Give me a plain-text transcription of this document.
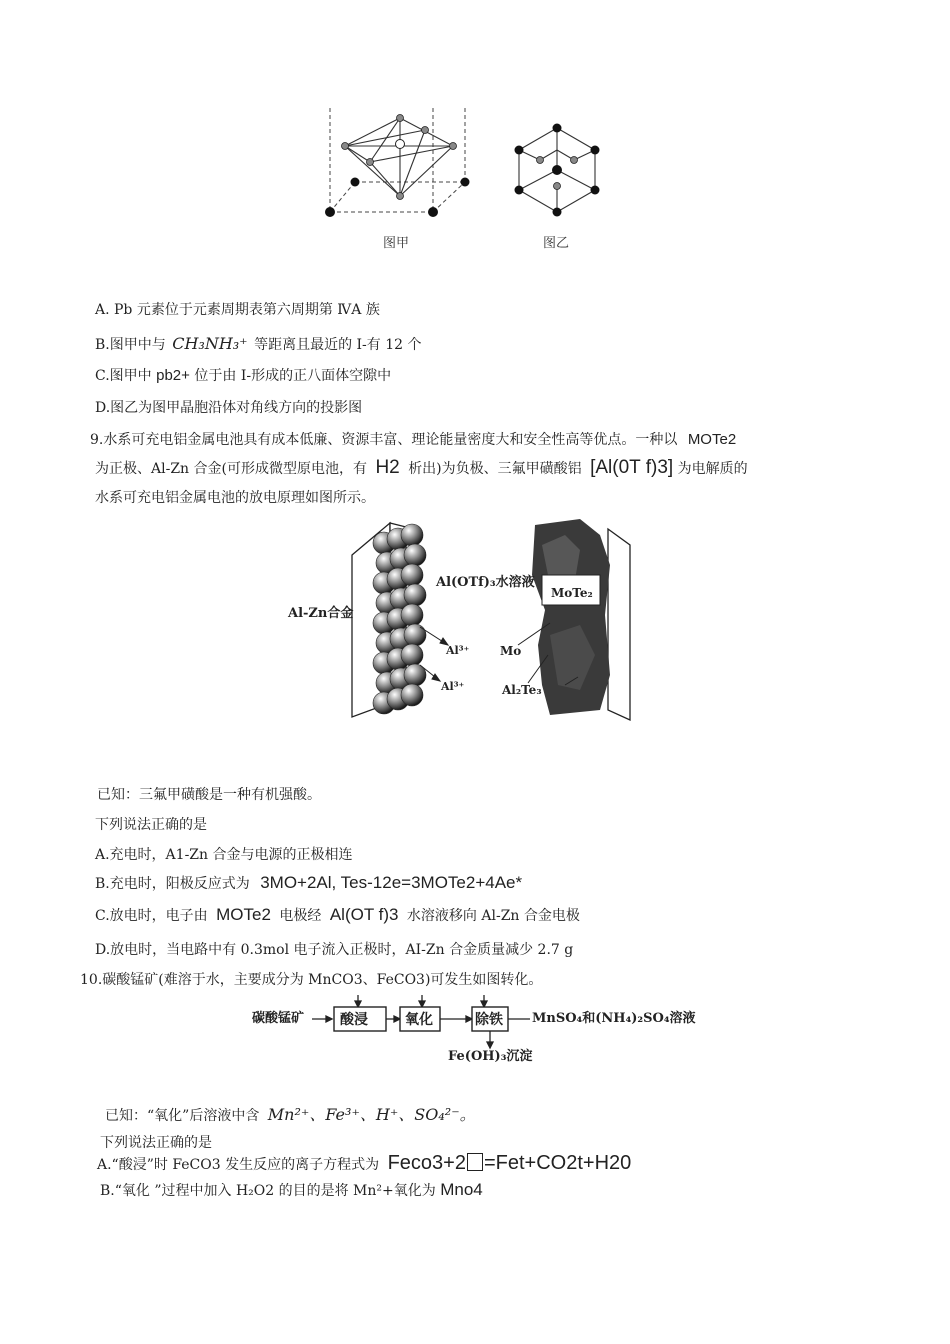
图甲	图乙
A. Pb 元素位于元素周期表第六周期第 ⅣA 族
B.图甲中与 CH₃NH₃⁺ 等距离且最近的 I-有 12 个
C.图甲中 pb2+ 位于由 I-形成的正八面体空隙中
D.图乙为图甲晶胞沿体对角线方向的投影图
9.水系可充电铝金属电池具有成本低廉、资源丰富、理论能量密度大和安全性高等优点。一种以 MOTe2
为正极、Al-Zn 合金(可形成微型原电池，有 H2 析出)为负极、三氟甲磺酸铝 [Al(0T f)3] 为电解质的
水系可充电铝金属电池的放电原理如图所示。
Al-Zn合金
Al(OTf)₃水溶液
MoTe₂
Mo
Al³⁺
Al³⁺	Al₂Te₃
已知：三氟甲磺酸是一种有机强酸。
下列说法正确的是
A.充电时，A1-Zn 合金与电源的正极相连
B.充电时，阳极反应式为 3MO+2Al, Tes-12e=3MOTe2+4Ae*
C.放电时，电子由 MOTe2 电极经 Al(OT f)3 水溶液移向 Al-Zn 合金电极
D.放电时，当电路中有 0.3mol 电子流入正极时，AI-Zn 合金质量减少 2.7 g
10.碳酸锰矿(难溶于水，主要成分为 MnCO3、FeCO3)可发生如图转化。
酸浸	氧化	除铁
碳酸锰矿	MnSO₄和(NH₄)₂SO₄溶液
Fe(OH)₃沉淀
已知：“氧化”后溶液中含 Mn²⁺、Fe³⁺、H⁺、SO₄²⁻。
下列说法正确的是
A.“酸浸”时 FeCO3 发生反应的离子方程式为 Feco3+2 =Fet+CO2t+H20
B.“氧化 ”过程中加入 H₂O2 的目的是将 Mn²+氧化为 Mno4
